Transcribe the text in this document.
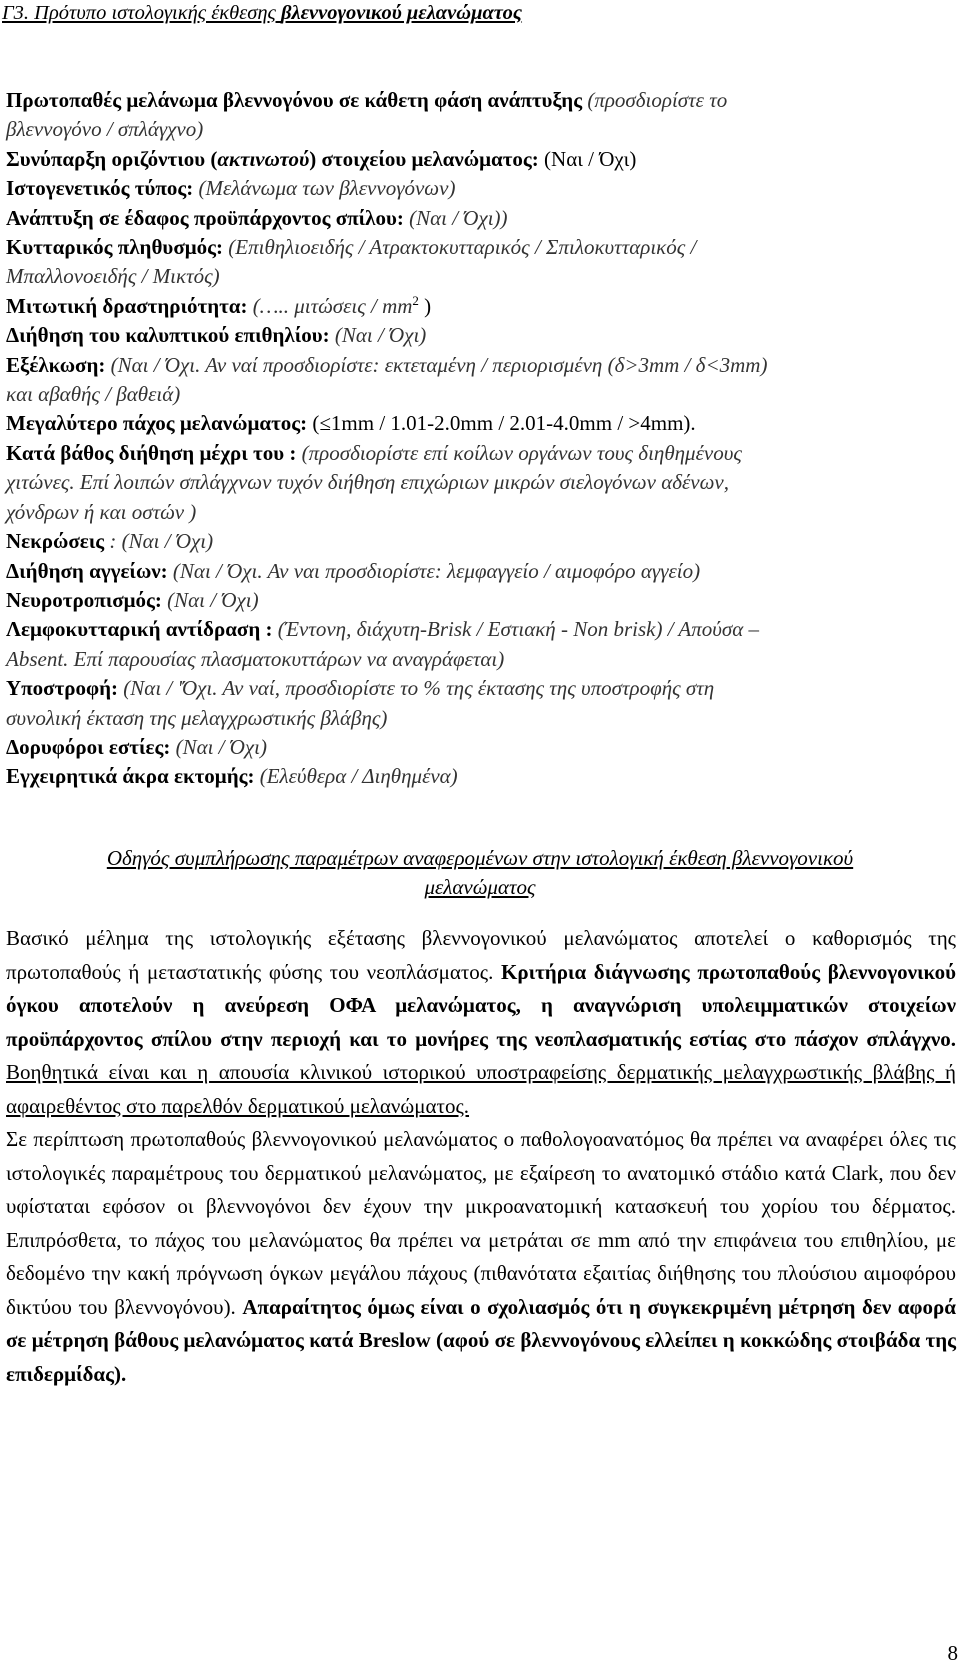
Γ3. Πρότυπο ιστολογικής έκθεσης βλεννογονικού μελανώματος

Πρωτοπαθές μελάνωμα βλεννογόνου σε κάθετη φάση ανάπτυξης (προσδιορίστε το

βλεννογόνο / σπλάγχνο)

Συνύπαρξη οριζόντιου (ακτινωτού) στοιχείου μελανώματος: (Ναι / Όχι)

Ιστογενετικός τύπος: (Μελάνωμα των βλεννογόνων)

Ανάπτυξη σε έδαφος προϋπάρχοντος σπίλου: (Ναι / Όχι))

Κυτταρικός πληθυσμός: (Επιθηλιοειδής / Ατρακτοκυτταρικός / Σπιλοκυτταρικός /

Μπαλλονοειδής / Μικτός)

Μιτωτική δραστηριότητα: (….. μιτώσεις / $mm^2$ )

Διήθηση του καλυπτικού επιθηλίου: (Ναι / Όχι)

Εξέλκωση: (Ναι / Όχι. Αν ναί προσδιορίστε: εκτεταμένη / περιορισμένη (δ>3mm / δ<3mm)

και αβαθής / βαθειά)

Μεγαλύτερο πάχος μελανώματος: (≤1mm / 1.01-2.0mm / 2.01-4.0mm / >4mm).

Κατά βάθος διήθηση μέχρι του : (προσδιορίστε επί κοίλων οργάνων τους διηθημένους

χιτώνες. Επί λοιπών σπλάγχνων τυχόν διήθηση επιχώριων μικρών σιελογόνων αδένων,

χόνδρων ή και οστών )

Νεκρώσεις : (Ναι / Όχι)

Διήθηση αγγείων: (Ναι / Όχι. Αν ναι προσδιορίστε: λεμφαγγείο / αιμοφόρο αγγείο)

Νευροτροπισμός: (Ναι / Όχι)

Λεμφοκυτταρική αντίδραση : (Έντονη, διάχυτη-Brisk / Εστιακή - Non brisk) / Απούσα –

Absent. Επί παρουσίας πλασματοκυττάρων να αναγράφεται)

Υποστροφή: (Ναι / 'Όχι. Αν ναί, προσδιορίστε το % της έκτασης της υποστροφής στη

συνολική έκταση της μελαγχρωστικής βλάβης)

Δορυφόροι εστίες: (Ναι / Όχι)

Εγχειρητικά άκρα εκτομής: (Ελεύθερα / Διηθημένα)

Οδηγός συμπλήρωσης παραμέτρων αναφερομένων στην ιστολογική έκθεση βλεννογονικού
μελανώματος

Βασικό μέλημα της ιστολογικής εξέτασης βλεννογονικού μελανώματος αποτελεί ο καθορισμός της πρωτοπαθούς ή μεταστατικής φύσης του νεοπλάσματος. Κριτήρια διάγνωσης πρωτοπαθούς βλεννογονικού όγκου αποτελούν η ανεύρεση ΟΦΑ μελανώματος, η αναγνώριση υπολειμματικών στοιχείων προϋπάρχοντος σπίλου στην περιοχή και το μονήρες της νεοπλασματικής εστίας στο πάσχον σπλάγχνο. Βοηθητικά είναι και η απουσία κλινικού ιστορικού υποστραφείσης δερματικής μελαγχρωστικής βλάβης ή αφαιρεθέντος στο παρελθόν δερματικού μελανώματος.

Σε περίπτωση πρωτοπαθούς βλεννογονικού μελανώματος ο παθολογοανατόμος θα πρέπει να αναφέρει όλες τις ιστολογικές παραμέτρους του δερματικού μελανώματος, με εξαίρεση το ανατομικό στάδιο κατά Clark, που δεν υφίσταται εφόσον οι βλεννογόνοι δεν έχουν την μικροανατομική κατασκευή του χορίου του δέρματος. Επιπρόσθετα, το πάχος του μελανώματος θα πρέπει να μετράται σε mm από την επιφάνεια του επιθηλίου, με δεδομένο την κακή πρόγνωση όγκων μεγάλου πάχους (πιθανότατα εξαιτίας διήθησης του πλούσιου αιμοφόρου δικτύου του βλεννογόνου). Απαραίτητος όμως είναι ο σχολιασμός ότι η συγκεκριμένη μέτρηση δεν αφορά σε μέτρηση βάθους μελανώματος κατά Breslow (αφού σε βλεννογόνους ελλείπει η κοκκώδης στοιβάδα της επιδερμίδας).

8
